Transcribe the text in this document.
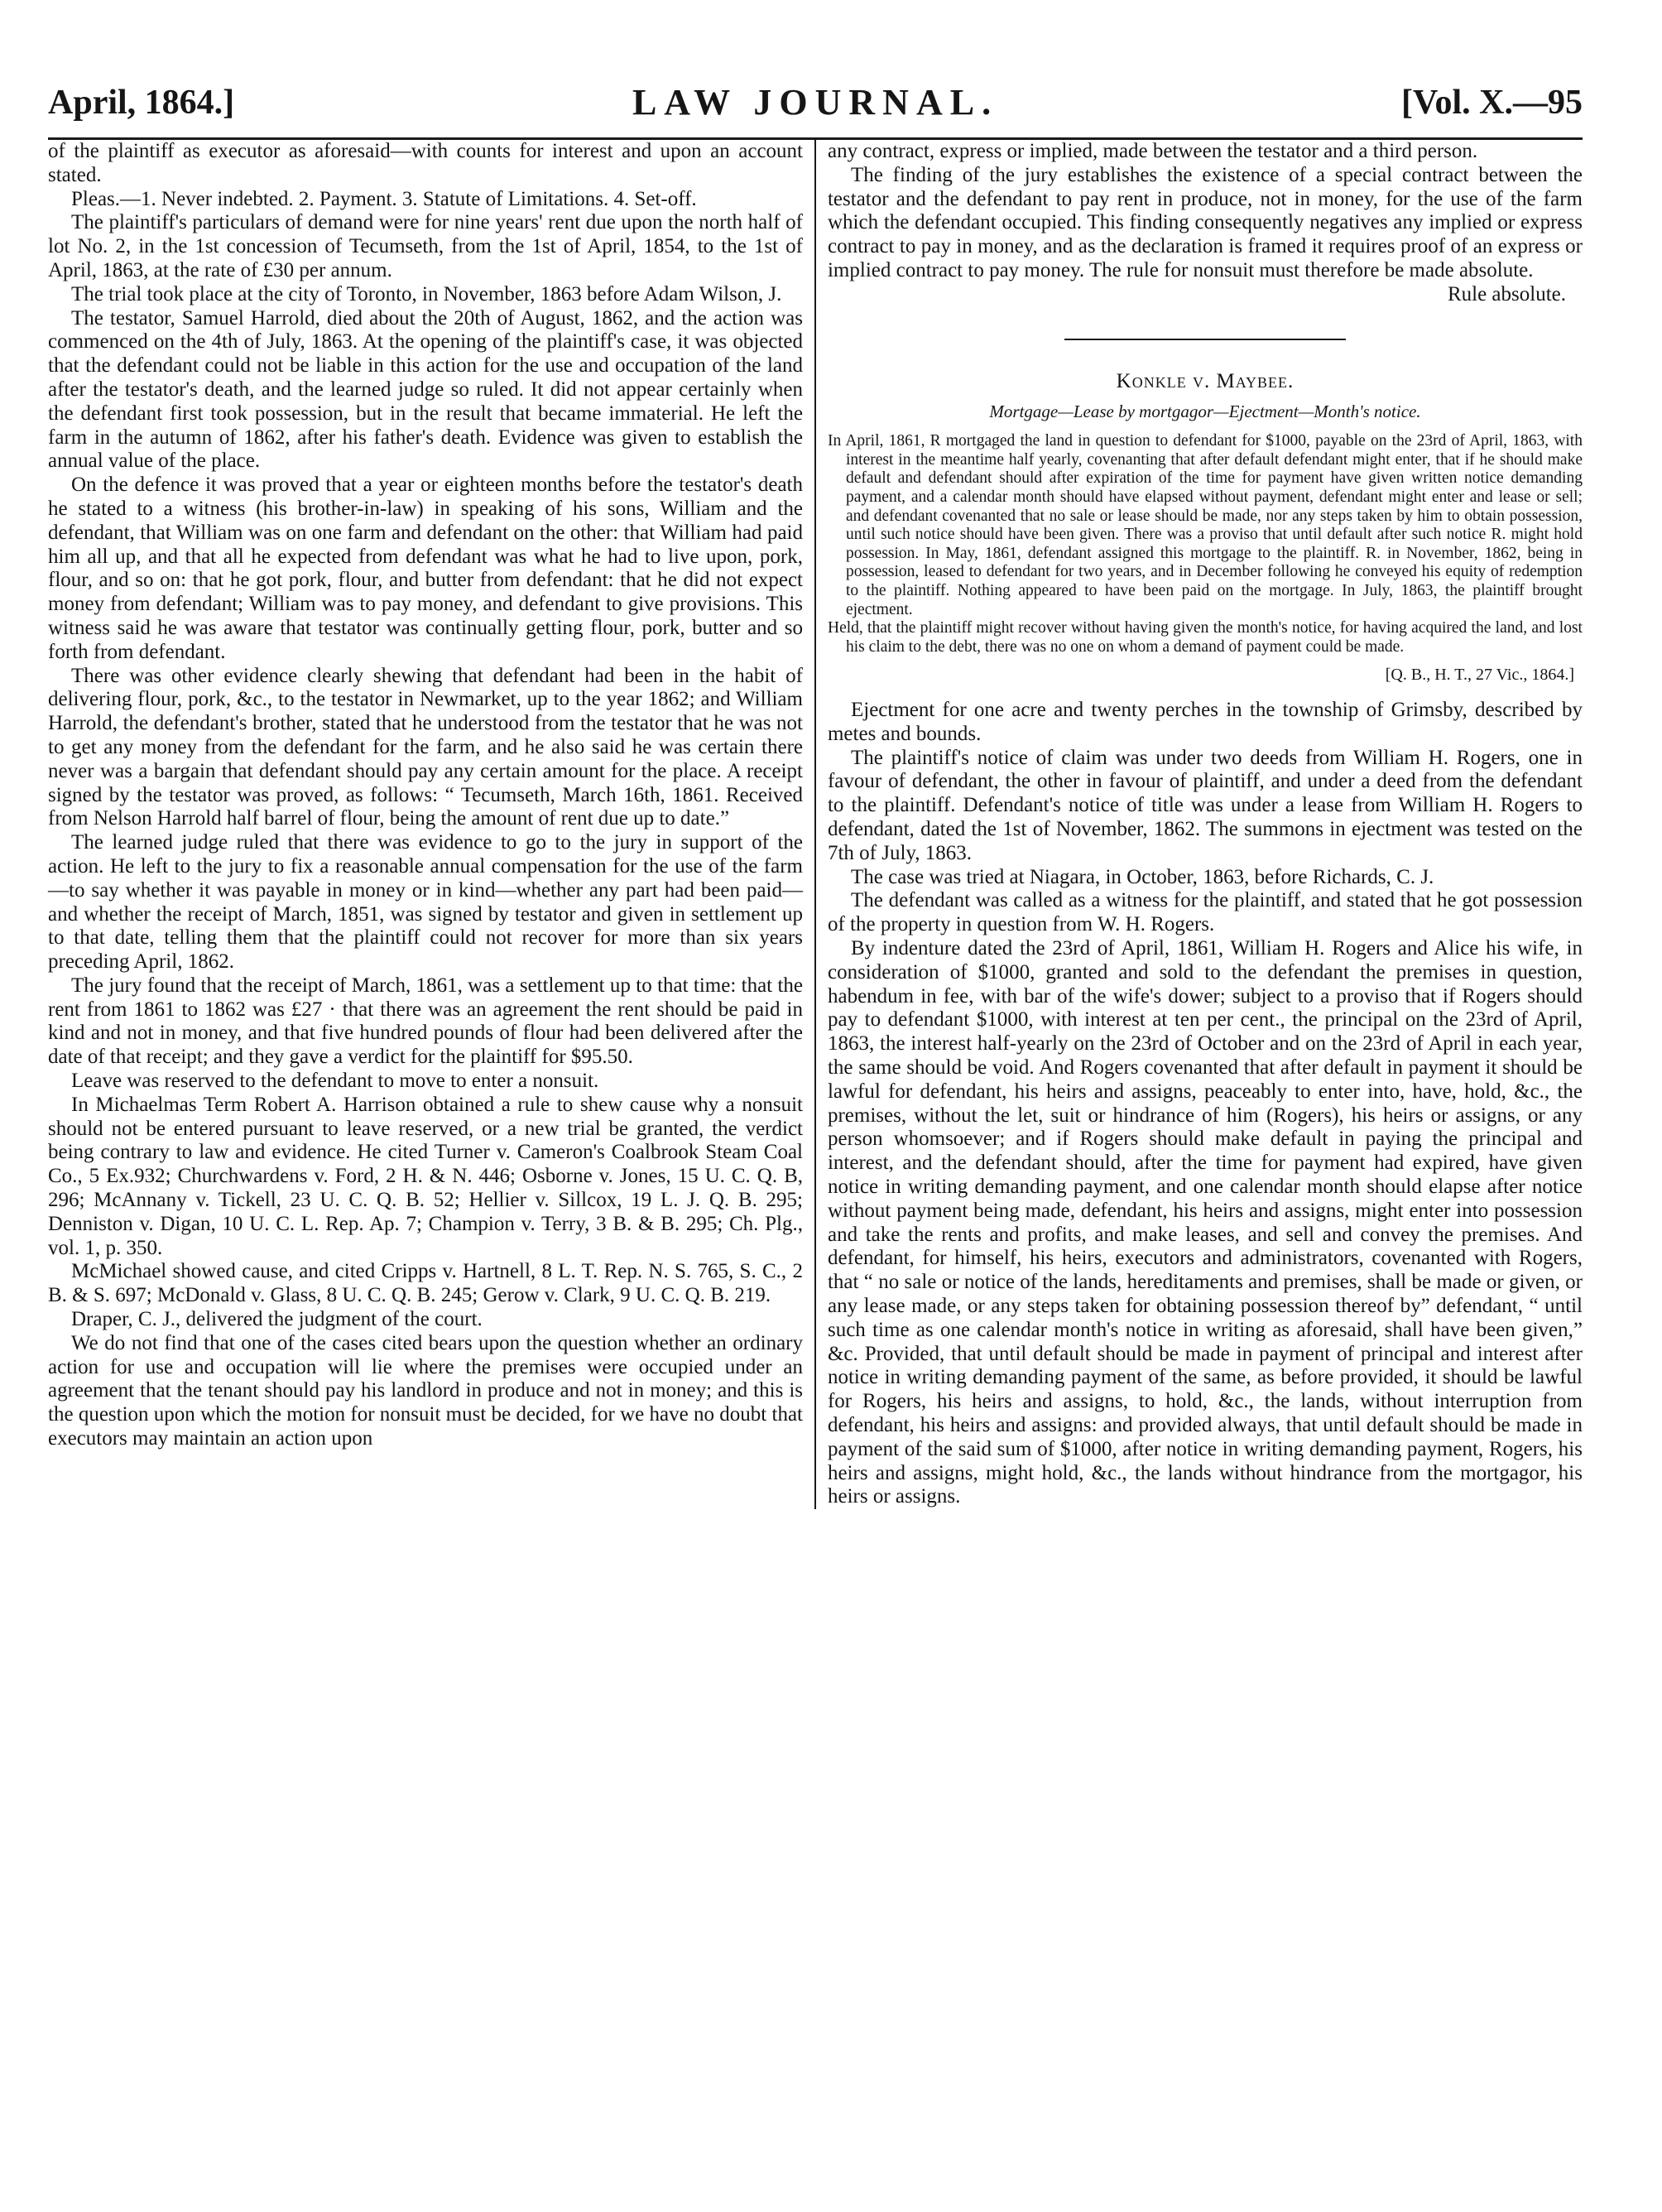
April, 1864.]	LAW JOURNAL.	[Vol. X.—95

of the plaintiff as executor as aforesaid—with counts for interest and upon an account stated.

Pleas.—1. Never indebted. 2. Payment. 3. Statute of Limitations. 4. Set-off.

The plaintiff's particulars of demand were for nine years' rent due upon the north half of lot No. 2, in the 1st concession of Tecumseth, from the 1st of April, 1854, to the 1st of April, 1863, at the rate of £30 per annum.

The trial took place at the city of Toronto, in November, 1863 before Adam Wilson, J.

The testator, Samuel Harrold, died about the 20th of August, 1862, and the action was commenced on the 4th of July, 1863. At the opening of the plaintiff's case, it was objected that the defendant could not be liable in this action for the use and occupation of the land after the testator's death, and the learned judge so ruled. It did not appear certainly when the defendant first took possession, but in the result that became immaterial. He left the farm in the autumn of 1862, after his father's death. Evidence was given to establish the annual value of the place.

On the defence it was proved that a year or eighteen months before the testator's death he stated to a witness (his brother-in-law) in speaking of his sons, William and the defendant, that William was on one farm and defendant on the other: that William had paid him all up, and that all he expected from defendant was what he had to live upon, pork, flour, and so on: that he got pork, flour, and butter from defendant: that he did not expect money from defendant; William was to pay money, and defendant to give provisions. This witness said he was aware that testator was continually getting flour, pork, butter and so forth from defendant.

There was other evidence clearly shewing that defendant had been in the habit of delivering flour, pork, &c., to the testator in Newmarket, up to the year 1862; and William Harrold, the defendant's brother, stated that he understood from the testator that he was not to get any money from the defendant for the farm, and he also said he was certain there never was a bargain that defendant should pay any certain amount for the place. A receipt signed by the testator was proved, as follows: “ Tecumseth, March 16th, 1861. Received from Nelson Harrold half barrel of flour, being the amount of rent due up to date.”

The learned judge ruled that there was evidence to go to the jury in support of the action. He left to the jury to fix a reasonable annual compensation for the use of the farm—to say whether it was payable in money or in kind—whether any part had been paid—and whether the receipt of March, 1851, was signed by testator and given in settlement up to that date, telling them that the plaintiff could not recover for more than six years preceding April, 1862.

The jury found that the receipt of March, 1861, was a settlement up to that time: that the rent from 1861 to 1862 was £27 · that there was an agreement the rent should be paid in kind and not in money, and that five hundred pounds of flour had been delivered after the date of that receipt; and they gave a verdict for the plaintiff for $95.50.

Leave was reserved to the defendant to move to enter a nonsuit.

In Michaelmas Term Robert A. Harrison obtained a rule to shew cause why a nonsuit should not be entered pursuant to leave reserved, or a new trial be granted, the verdict being contrary to law and evidence. He cited Turner v. Cameron's Coalbrook Steam Coal Co., 5 Ex.932; Churchwardens v. Ford, 2 H. & N. 446; Osborne v. Jones, 15 U. C. Q. B, 296; McAnnany v. Tickell, 23 U. C. Q. B. 52; Hellier v. Sillcox, 19 L. J. Q. B. 295; Denniston v. Digan, 10 U. C. L. Rep. Ap. 7; Champion v. Terry, 3 B. & B. 295; Ch. Plg., vol. 1, p. 350.

McMichael showed cause, and cited Cripps v. Hartnell, 8 L. T. Rep. N. S. 765, S. C., 2 B. & S. 697; McDonald v. Glass, 8 U. C. Q. B. 245; Gerow v. Clark, 9 U. C. Q. B. 219.

Draper, C. J., delivered the judgment of the court.

We do not find that one of the cases cited bears upon the question whether an ordinary action for use and occupation will lie where the premises were occupied under an agreement that the tenant should pay his landlord in produce and not in money; and this is the question upon which the motion for nonsuit must be decided, for we have no doubt that executors may maintain an action upon

any contract, express or implied, made between the testator and a third person.

The finding of the jury establishes the existence of a special contract between the testator and the defendant to pay rent in produce, not in money, for the use of the farm which the defendant occupied. This finding consequently negatives any implied or express contract to pay in money, and as the declaration is framed it requires proof of an express or implied contract to pay money. The rule for nonsuit must therefore be made absolute.

Rule absolute.

Konkle v. Maybee.
Mortgage—Lease by mortgagor—Ejectment—Month's notice.

In April, 1861, R mortgaged the land in question to defendant for $1000, payable on the 23rd of April, 1863, with interest in the meantime half yearly, covenanting that after default defendant might enter, that if he should make default and defendant should after expiration of the time for payment have given written notice demanding payment, and a calendar month should have elapsed without payment, defendant might enter and lease or sell; and defendant covenanted that no sale or lease should be made, nor any steps taken by him to obtain possession, until such notice should have been given. There was a proviso that until default after such notice R. might hold possession. In May, 1861, defendant assigned this mortgage to the plaintiff. R. in November, 1862, being in possession, leased to defendant for two years, and in December following he conveyed his equity of redemption to the plaintiff. Nothing appeared to have been paid on the mortgage. In July, 1863, the plaintiff brought ejectment.

Held, that the plaintiff might recover without having given the month's notice, for having acquired the land, and lost his claim to the debt, there was no one on whom a demand of payment could be made.

[Q. B., H. T., 27 Vic., 1864.]

Ejectment for one acre and twenty perches in the township of Grimsby, described by metes and bounds.

The plaintiff's notice of claim was under two deeds from William H. Rogers, one in favour of defendant, the other in favour of plaintiff, and under a deed from the defendant to the plaintiff. Defendant's notice of title was under a lease from William H. Rogers to defendant, dated the 1st of November, 1862. The summons in ejectment was tested on the 7th of July, 1863.

The case was tried at Niagara, in October, 1863, before Richards, C. J.

The defendant was called as a witness for the plaintiff, and stated that he got possession of the property in question from W. H. Rogers.

By indenture dated the 23rd of April, 1861, William H. Rogers and Alice his wife, in consideration of $1000, granted and sold to the defendant the premises in question, habendum in fee, with bar of the wife's dower; subject to a proviso that if Rogers should pay to defendant $1000, with interest at ten per cent., the principal on the 23rd of April, 1863, the interest half-yearly on the 23rd of October and on the 23rd of April in each year, the same should be void. And Rogers covenanted that after default in payment it should be lawful for defendant, his heirs and assigns, peaceably to enter into, have, hold, &c., the premises, without the let, suit or hindrance of him (Rogers), his heirs or assigns, or any person whomsoever; and if Rogers should make default in paying the principal and interest, and the defendant should, after the time for payment had expired, have given notice in writing demanding payment, and one calendar month should elapse after notice without payment being made, defendant, his heirs and assigns, might enter into possession and take the rents and profits, and make leases, and sell and convey the premises. And defendant, for himself, his heirs, executors and administrators, covenanted with Rogers, that “ no sale or notice of the lands, hereditaments and premises, shall be made or given, or any lease made, or any steps taken for obtaining possession thereof by” defendant, “ until such time as one calendar month's notice in writing as aforesaid, shall have been given,” &c. Provided, that until default should be made in payment of principal and interest after notice in writing demanding payment of the same, as before provided, it should be lawful for Rogers, his heirs and assigns, to hold, &c., the lands, without interruption from defendant, his heirs and assigns: and provided always, that until default should be made in payment of the said sum of $1000, after notice in writing demanding payment, Rogers, his heirs and assigns, might hold, &c., the lands without hindrance from the mortgagor, his heirs or assigns.
